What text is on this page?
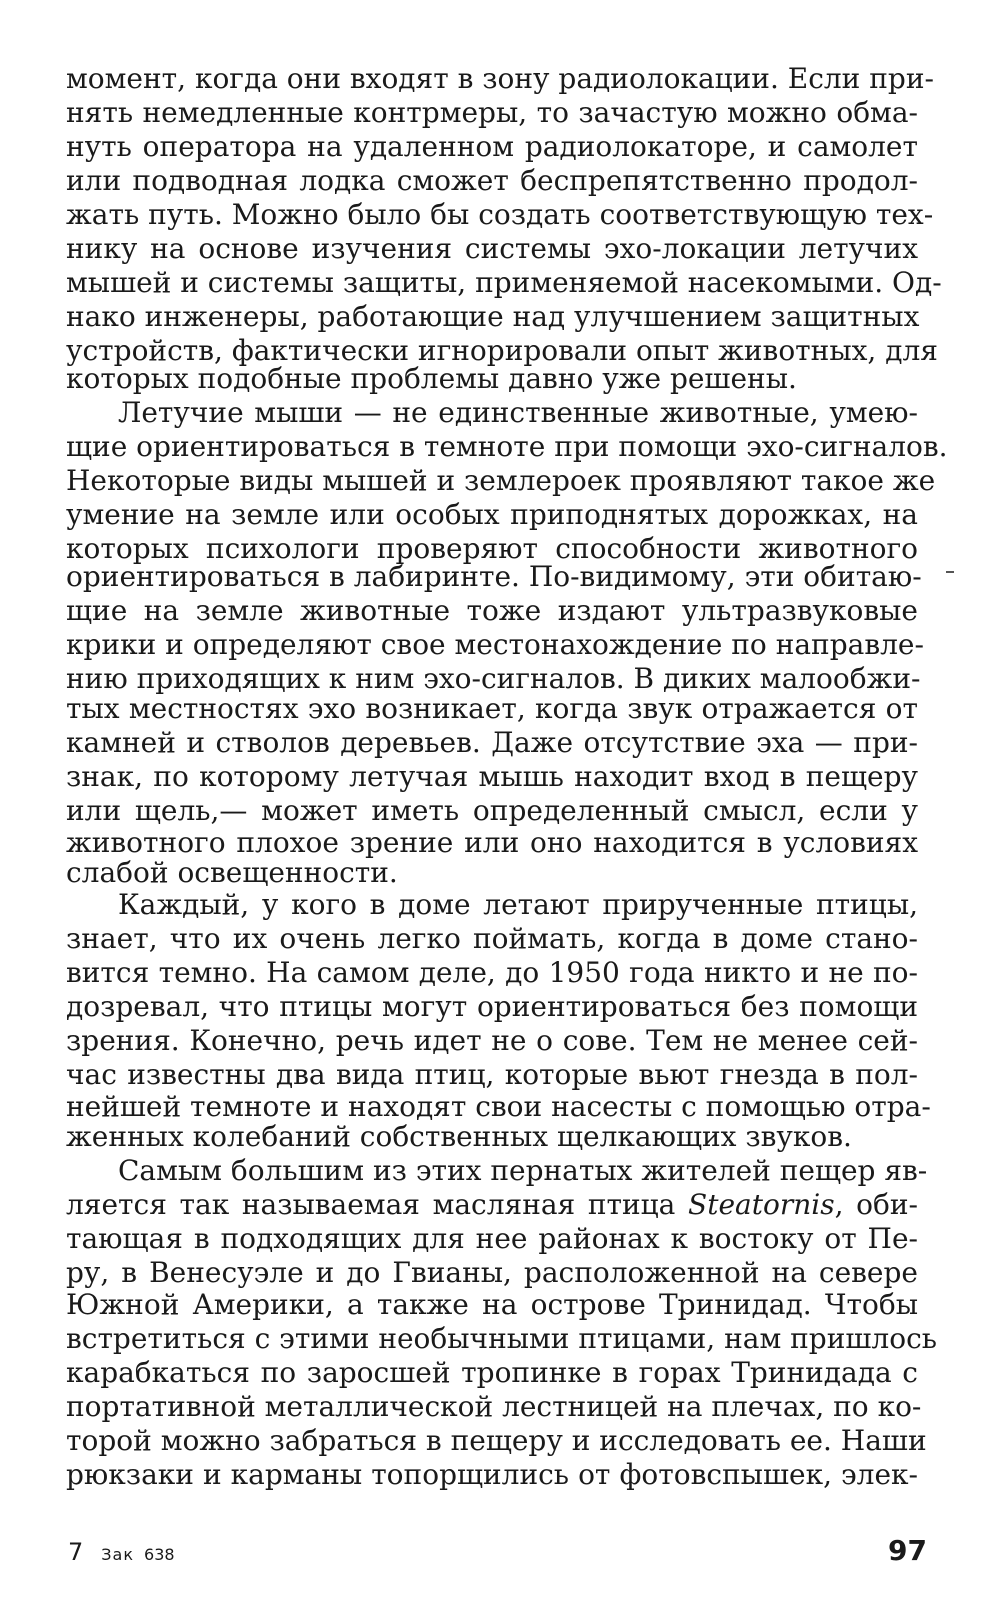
момент, когда они входят в зону радиолокации. Если при-
нять немедленные контрмеры, то зачастую можно обма-
нуть оператора на удаленном радиолокаторе, и самолет
или подводная лодка сможет беспрепятственно продол-
жать путь. Можно было бы создать соответствующую тех-
нику на основе изучения системы эхо-локации летучих
мышей и системы защиты, применяемой насекомыми. Од-
нако инженеры, работающие над улучшением защитных
устройств, фактически игнорировали опыт животных, для
которых подобные проблемы давно уже решены.
Летучие мыши — не единственные животные, умею-
щие ориентироваться в темноте при помощи эхо-сигналов.
Некоторые виды мышей и землероек проявляют такое же
умение на земле или особых приподнятых дорожках, на
которых психологи проверяют способности животного
ориентироваться в лабиринте. По-видимому, эти обитаю-
щие на земле животные тоже издают ультразвуковые
крики и определяют свое местонахождение по направле-
нию приходящих к ним эхо-сигналов. В диких малообжи-
тых местностях эхо возникает, когда звук отражается от
камней и стволов деревьев. Даже отсутствие эха — при-
знак, по которому летучая мышь находит вход в пещеру
или щель,— может иметь определенный смысл, если у
животного плохое зрение или оно находится в условиях
слабой освещенности.
Каждый, у кого в доме летают прирученные птицы,
знает, что их очень легко поймать, когда в доме стано-
вится темно. На самом деле, до 1950 года никто и не по-
дозревал, что птицы могут ориентироваться без помощи
зрения. Конечно, речь идет не о сове. Тем не менее сей-
час известны два вида птиц, которые вьют гнезда в пол-
нейшей темноте и находят свои насесты с помощью отра-
женных колебаний собственных щелкающих звуков.
Самым большим из этих пернатых жителей пещер яв-
ляется так называемая масляная птица Steatornis, оби-
тающая в подходящих для нее районах к востоку от Пе-
ру, в Венесуэле и до Гвианы, расположенной на севере
Южной Америки, а также на острове Тринидад. Чтобы
встретиться с этими необычными птицами, нам пришлось
карабкаться по заросшей тропинке в горах Тринидада с
портативной металлической лестницей на плечах, по ко-
торой можно забраться в пещеру и исследовать ее. Наши
рюкзаки и карманы топорщились от фотовспышек, элек-
7 Зак 638	97
